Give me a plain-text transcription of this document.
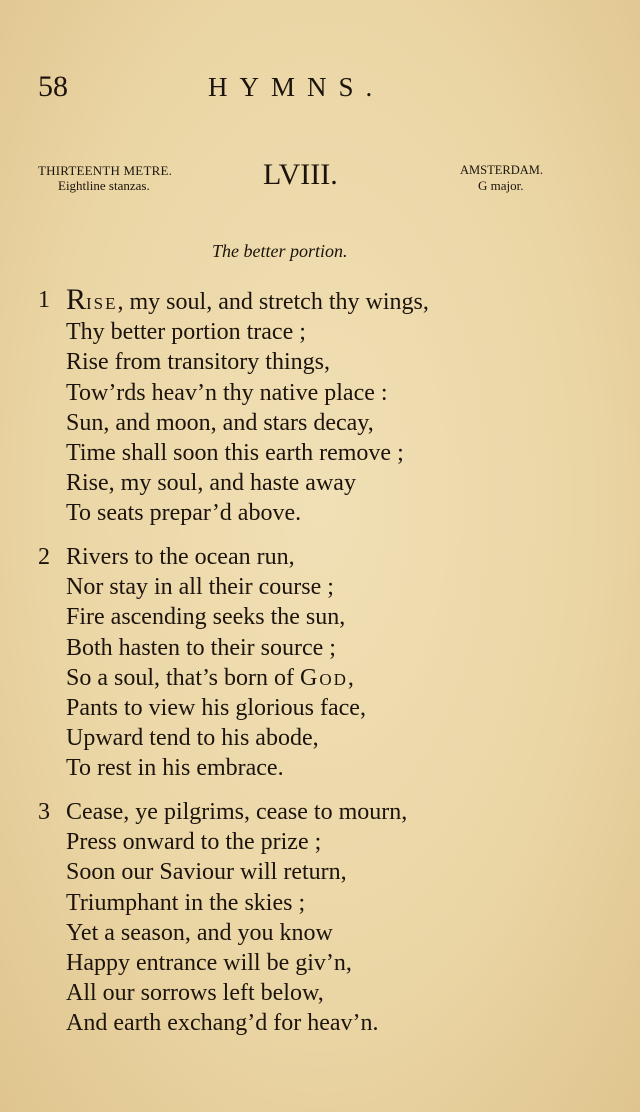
58	HYMNS.
THIRTEENTH METRE.
Eightline stanzas.	LVIII.	AMSTERDAM.
G major.
The better portion.
1 Rise, my soul, and stretch thy wings,
Thy better portion trace ;
Rise from transitory things,
Tow’rds heav’n thy native place :
Sun, and moon, and stars decay,
Time shall soon this earth remove ;
Rise, my soul, and haste away
To seats prepar’d above.
2 Rivers to the ocean run,
Nor stay in all their course ;
Fire ascending seeks the sun,
Both hasten to their source ;
So a soul, that’s born of God,
Pants to view his glorious face,
Upward tend to his abode,
To rest in his embrace.
3 Cease, ye pilgrims, cease to mourn,
Press onward to the prize ;
Soon our Saviour will return,
Triumphant in the skies ;
Yet a season, and you know
Happy entrance will be giv’n,
All our sorrows left below,
And earth exchang’d for heav’n.
